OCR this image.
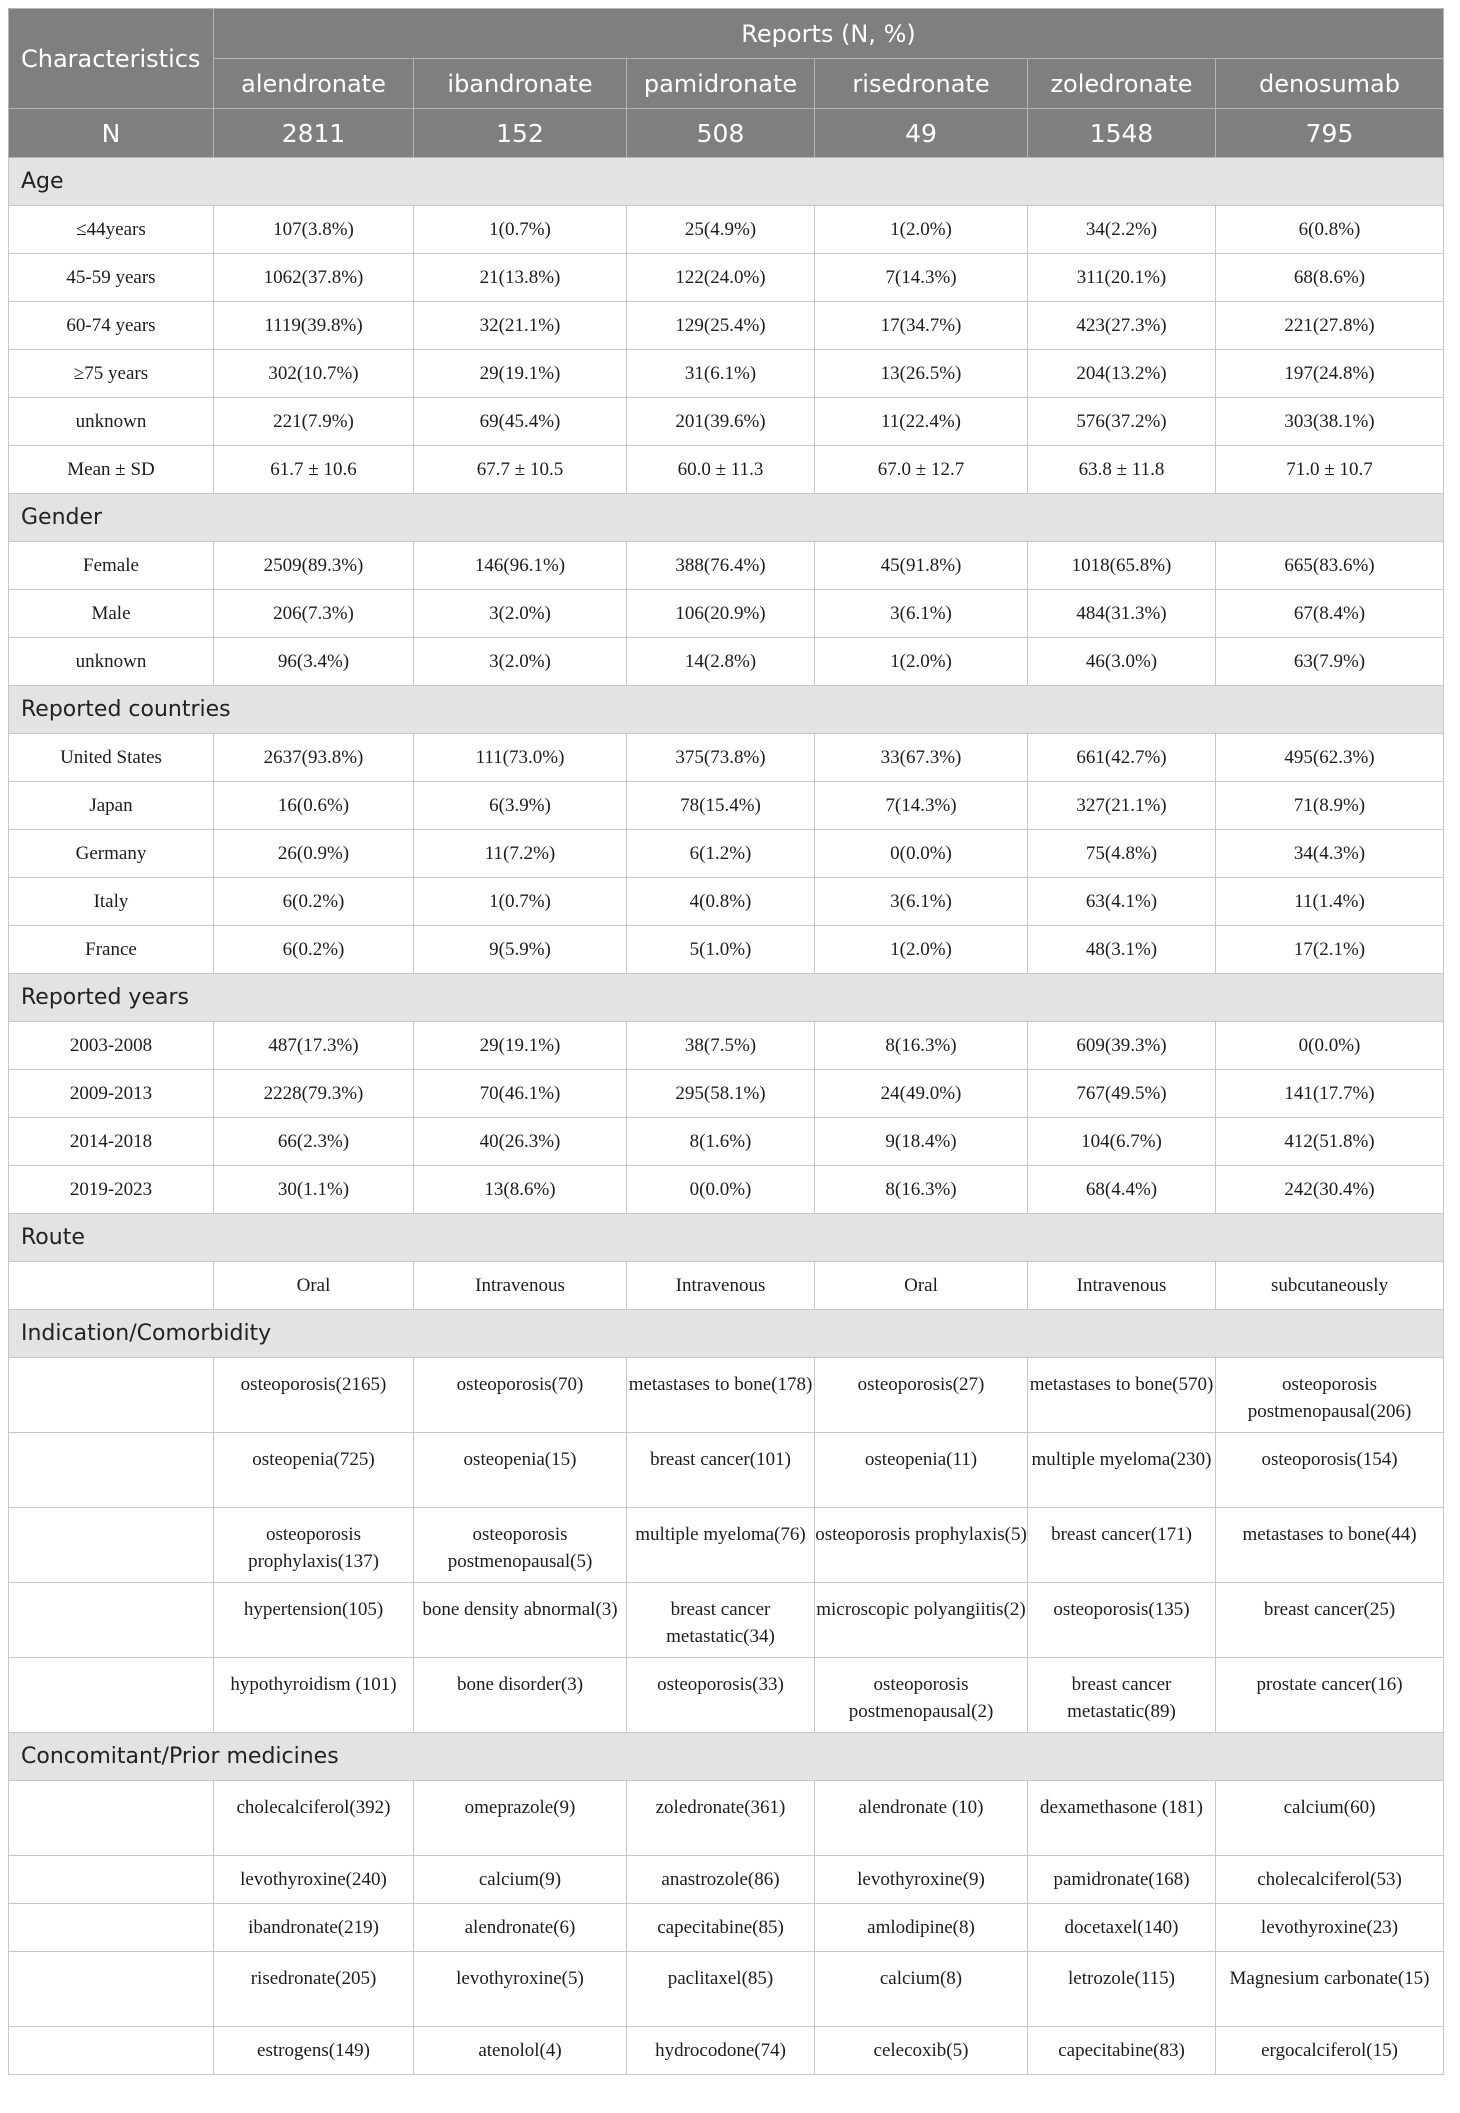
Characteristics	Reports (N, %)					
	alendronate	ibandronate	pamidronate	risedronate	zoledronate	denosumab
N	2811	152	508	49	1548	795
Age						
≤44years	107(3.8%)	1(0.7%)	25(4.9%)	1(2.0%)	34(2.2%)	6(0.8%)
45-59 years	1062(37.8%)	21(13.8%)	122(24.0%)	7(14.3%)	311(20.1%)	68(8.6%)
60-74 years	1119(39.8%)	32(21.1%)	129(25.4%)	17(34.7%)	423(27.3%)	221(27.8%)
≥75 years	302(10.7%)	29(19.1%)	31(6.1%)	13(26.5%)	204(13.2%)	197(24.8%)
unknown	221(7.9%)	69(45.4%)	201(39.6%)	11(22.4%)	576(37.2%)	303(38.1%)
Mean ± SD	61.7 ± 10.6	67.7 ± 10.5	60.0 ± 11.3	67.0 ± 12.7	63.8 ± 11.8	71.0 ± 10.7
Gender						
Female	2509(89.3%)	146(96.1%)	388(76.4%)	45(91.8%)	1018(65.8%)	665(83.6%)
Male	206(7.3%)	3(2.0%)	106(20.9%)	3(6.1%)	484(31.3%)	67(8.4%)
unknown	96(3.4%)	3(2.0%)	14(2.8%)	1(2.0%)	46(3.0%)	63(7.9%)
Reported countries						
United States	2637(93.8%)	111(73.0%)	375(73.8%)	33(67.3%)	661(42.7%)	495(62.3%)
Japan	16(0.6%)	6(3.9%)	78(15.4%)	7(14.3%)	327(21.1%)	71(8.9%)
Germany	26(0.9%)	11(7.2%)	6(1.2%)	0(0.0%)	75(4.8%)	34(4.3%)
Italy	6(0.2%)	1(0.7%)	4(0.8%)	3(6.1%)	63(4.1%)	11(1.4%)
France	6(0.2%)	9(5.9%)	5(1.0%)	1(2.0%)	48(3.1%)	17(2.1%)
Reported years						
2003-2008	487(17.3%)	29(19.1%)	38(7.5%)	8(16.3%)	609(39.3%)	0(0.0%)
2009-2013	2228(79.3%)	70(46.1%)	295(58.1%)	24(49.0%)	767(49.5%)	141(17.7%)
2014-2018	66(2.3%)	40(26.3%)	8(1.6%)	9(18.4%)	104(6.7%)	412(51.8%)
2019-2023	30(1.1%)	13(8.6%)	0(0.0%)	8(16.3%)	68(4.4%)	242(30.4%)
Route						
	Oral	Intravenous	Intravenous	Oral	Intravenous	subcutaneously
Indication/Comorbidity						
	osteoporosis(2165)	osteoporosis(70)	metastases to bone(178)	osteoporosis(27)	metastases to bone(570)	osteoporosis postmenopausal(206)
	osteopenia(725)	osteopenia(15)	breast cancer(101)	osteopenia(11)	multiple myeloma(230)	osteoporosis(154)
	osteoporosis prophylaxis(137)	osteoporosis postmenopausal(5)	multiple myeloma(76)	osteoporosis prophylaxis(5)	breast cancer(171)	metastases to bone(44)
	hypertension(105)	bone density abnormal(3)	breast cancer metastatic(34)	microscopic polyangiitis(2)	osteoporosis(135)	breast cancer(25)
	hypothyroidism (101)	bone disorder(3)	osteoporosis(33)	osteoporosis postmenopausal(2)	breast cancer metastatic(89)	prostate cancer(16)
Concomitant/Prior medicines						
	cholecalciferol(392)	omeprazole(9)	zoledronate(361)	alendronate (10)	dexamethasone (181)	calcium(60)
	levothyroxine(240)	calcium(9)	anastrozole(86)	levothyroxine(9)	pamidronate(168)	cholecalciferol(53)
	ibandronate(219)	alendronate(6)	capecitabine(85)	amlodipine(8)	docetaxel(140)	levothyroxine(23)
	risedronate(205)	levothyroxine(5)	paclitaxel(85)	calcium(8)	letrozole(115)	Magnesium carbonate(15)
	estrogens(149)	atenolol(4)	hydrocodone(74)	celecoxib(5)	capecitabine(83)	ergocalciferol(15)
